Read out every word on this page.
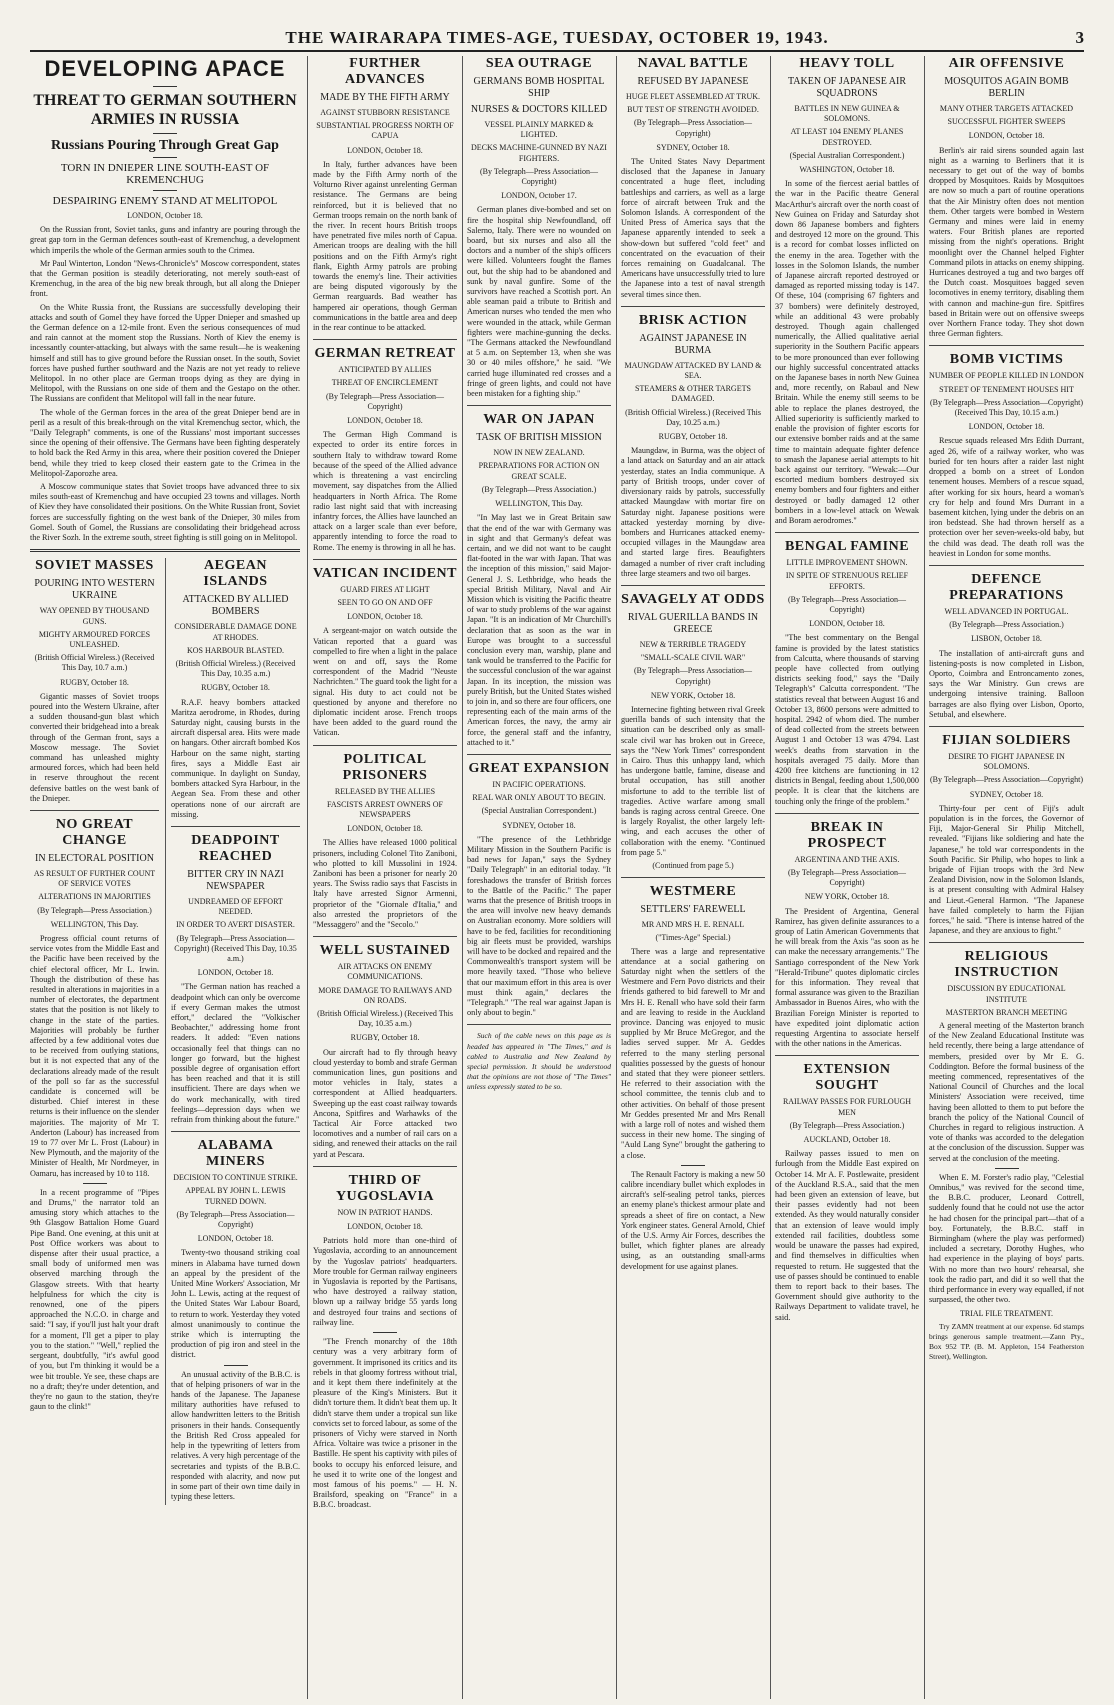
THE WAIRARAPA TIMES-AGE, TUESDAY, OCTOBER 19, 1943.	3
DEVELOPING APACE
THREAT TO GERMAN SOUTHERN ARMIES IN RUSSIA
Russians Pouring Through Great Gap
TORN IN DNIEPER LINE SOUTH-EAST OF KREMENCHUG
DESPAIRING ENEMY STAND AT MELITOPOL
LONDON, October 18.

On the Russian front, Soviet tanks, guns and infantry are pouring through the great gap torn in the German defences south-east of Kremenchug, a development which imperils the whole of the German armies south to the Crimea.

Mr Paul Winterton, London "News-Chronicle's" Moscow correspondent, states that the German position is steadily deteriorating, not merely south-east of Kremenchug, in the area of the big new break through, but all along the Dnieper front.

On the White Russia front, the Russians are successfully developing their attacks and south of Gomel they have forced the Upper Dnieper and smashed up the German defence on a 12-mile front. Even the serious consequences of mud and rain cannot at the moment stop the Russians. North of Kiev the enemy is incessantly counter-attacking, but always with the same result—he is weakening himself and still has to give ground before the Russian onset. In the south, Soviet forces have pushed further southward and the Nazis are not yet ready to relieve Melitopol. In no other place are German troops dying as they are dying in Melitopol, with the Russians on one side of them and the Gestapo on the other. The Russians are confident that Melitopol will fall in the near future.

The whole of the German forces in the area of the great Dnieper bend are in peril as a result of this break-through on the vital Kremenchug sector, which, the "Daily Telegraph" comments, is one of the Russians' most important successes since the opening of their offensive. The Germans have been fighting desperately to hold back the Red Army in this area, where their position covered the Dnieper bend, while they tried to keep closed their eastern gate to the Crimea in the Melitopol-Zaporozhe area.

A Moscow communique states that Soviet troops have advanced three to six miles south-east of Kremenchug and have occupied 23 towns and villages. North of Kiev they have consolidated their positions. On the White Russian front, Soviet forces are successfully fighting on the west bank of the Dnieper, 30 miles from Gomel. South of Gomel, the Russians are consolidating their bridgehead across the River Sozh. In the extreme south, street fighting is still going on in Melitopol.

SOVIET MASSES
POURING INTO WESTERN UKRAINE
WAY OPENED BY THOUSAND GUNS.
MIGHTY ARMOURED FORCES UNLEASHED.
(British Official Wireless.) (Received This Day, 10.7 a.m.)
RUGBY, October 18.

Gigantic masses of Soviet troops poured into the Western Ukraine, after a sudden thousand-gun blast which converted their bridgehead into a break through of the German front, says a Moscow message. The Soviet command has unleashed mighty armoured forces, which had been held in reserve throughout the recent defensive battles on the west bank of the Dnieper.

NO GREAT CHANGE
IN ELECTORAL POSITION
AS RESULT OF FURTHER COUNT OF SERVICE VOTES
ALTERATIONS IN MAJORITIES
(By Telegraph—Press Association.)
WELLINGTON, This Day.

Progress official count returns of service votes from the Middle East and the Pacific have been received by the chief electoral officer, Mr L. Irwin. Though the distribution of these has resulted in alterations in majorities in a number of electorates, the department states that the position is not likely to change in the state of the parties. Majorities will probably be further affected by a few additional votes due to be received from outlying stations, but it is not expected that any of the declarations already made of the result of the poll so far as the successful candidate is concerned will be disturbed. Chief interest in these returns is their influence on the slender majorities. The majority of Mr T. Anderton (Labour) has increased from 19 to 77 over Mr L. Frost (Labour) in New Plymouth, and the majority of the Minister of Health, Mr Nordmeyer, in Oamaru, has increased by 10 to 118.

In a recent programme of "Pipes and Drums," the narrator told an amusing story which attaches to the 9th Glasgow Battalion Home Guard Pipe Band. One evening, at this unit at Post Office workers was about to dispense after their usual practice, a small body of uniformed men was observed marching through the Glasgow streets. With that hearty helpfulness for which the city is renowned, one of the pipers approached the N.C.O. in charge and said: "I say, if you'll just halt your draft for a moment, I'll get a piper to play you to the station." "Well," replied the sergeant, doubtfully, "it's awful good of you, but I'm thinking it would be a wee bit trouble. Ye see, these chaps are no a draft; they're under detention, and they're no gaun to the station, they're gaun to the clink!"

AEGEAN ISLANDS
ATTACKED BY ALLIED BOMBERS
CONSIDERABLE DAMAGE DONE AT RHODES.
KOS HARBOUR BLASTED.
(British Official Wireless.) (Received This Day, 10.35 a.m.)
RUGBY, October 18.

R.A.F. heavy bombers attacked Maritza aerodrome, in Rhodes, during Saturday night, causing bursts in the aircraft dispersal area. Hits were made on hangars. Other aircraft bombed Kos Harbour on the same night, starting fires, says a Middle East air communique. In daylight on Sunday, bombers attacked Syra Harbour, in the Aegean Sea. From these and other operations none of our aircraft are missing.

DEADPOINT REACHED
BITTER CRY IN NAZI NEWSPAPER
UNDREAMED OF EFFORT NEEDED.
IN ORDER TO AVERT DISASTER.
(By Telegraph—Press Association—Copyright) (Received This Day, 10.35 a.m.)
LONDON, October 18.

"The German nation has reached a deadpoint which can only be overcome if every German makes the utmost effort," declared the "Volkischer Beobachter," addressing home front readers. It added: "Even nations occasionally feel that things can no longer go forward, but the highest possible degree of organisation effort has been reached and that it is still insufficient. There are days when we do work mechanically, with tired feelings—depression days when we refrain from thinking about the future."

ALABAMA MINERS
DECISION TO CONTINUE STRIKE.
APPEAL BY JOHN L. LEWIS TURNED DOWN.
(By Telegraph—Press Association—Copyright)
LONDON, October 18.

Twenty-two thousand striking coal miners in Alabama have turned down an appeal by the president of the United Mine Workers' Association, Mr John L. Lewis, acting at the request of the United States War Labour Board, to return to work. Yesterday they voted almost unanimously to continue the strike which is interrupting the production of pig iron and steel in the district.

An unusual activity of the B.B.C. is that of helping prisoners of war in the hands of the Japanese. The Japanese military authorities have refused to allow handwritten letters to the British prisoners in their hands. Consequently the British Red Cross appealed for help in the typewriting of letters from relatives. A very high percentage of the secretaries and typists of the B.B.C. responded with alacrity, and now put in some part of their own time daily in typing these letters.

FURTHER ADVANCES
MADE BY THE FIFTH ARMY
AGAINST STUBBORN RESISTANCE
SUBSTANTIAL PROGRESS NORTH OF CAPUA
LONDON, October 18.

In Italy, further advances have been made by the Fifth Army north of the Volturno River against unrelenting German resistance. The Germans are being reinforced, but it is believed that no German troops remain on the north bank of the river. In recent hours British troops have penetrated five miles north of Capua. American troops are dealing with the hill positions and on the Fifth Army's right flank, Eighth Army patrols are probing towards the enemy's line. Their activities are being disputed vigorously by the German rearguards. Bad weather has hampered air operations, though German communications in the battle area and deep in the rear continue to be attacked.

GERMAN RETREAT
ANTICIPATED BY ALLIES
THREAT OF ENCIRCLEMENT
(By Telegraph—Press Association—Copyright)
LONDON, October 18.

The German High Command is expected to order its entire forces in southern Italy to withdraw toward Rome because of the speed of the Allied advance which is threatening a vast encircling movement, say dispatches from the Allied headquarters in North Africa. The Rome radio last night said that with increasing infantry forces, the Allies have launched an attack on a larger scale than ever before, apparently intending to force the road to Rome. The enemy is throwing in all he has.

VATICAN INCIDENT
GUARD FIRES AT LIGHT
SEEN TO GO ON AND OFF
LONDON, October 18.

A sergeant-major on watch outside the Vatican reported that a guard was compelled to fire when a light in the palace went on and off, says the Rome correspondent of the Madrid "Neuste Nachrichten." The guard took the light for a signal. His duty to act could not be questioned by anyone and therefore no diplomatic incident arose. French troops have been added to the guard round the Vatican.

POLITICAL PRISONERS
RELEASED BY THE ALLIES
FASCISTS ARREST OWNERS OF NEWSPAPERS
LONDON, October 18.

The Allies have released 1000 political prisoners, including Colonel Tito Zaniboni, who plotted to kill Mussolini in 1924. Zaniboni has been a prisoner for nearly 20 years. The Swiss radio says that Fascists in Italy have arrested Signor Armenni, proprietor of the "Giornale d'Italia," and also arrested the proprietors of the "Messaggero" and the "Secolo."

WELL SUSTAINED
AIR ATTACKS ON ENEMY COMMUNICATIONS.
MORE DAMAGE TO RAILWAYS AND ON ROADS.
(British Official Wireless.) (Received This Day, 10.35 a.m.)
RUGBY, October 18.

Our aircraft had to fly through heavy cloud yesterday to bomb and strafe German communication lines, gun positions and motor vehicles in Italy, states a correspondent at Allied headquarters. Sweeping up the east coast railway towards Ancona, Spitfires and Warhawks of the Tactical Air Force attacked two locomotives and a number of rail cars on a siding, and renewed their attacks on the rail yard at Pescara.

THIRD OF YUGOSLAVIA
NOW IN PATRIOT HANDS.
LONDON, October 18.

Patriots hold more than one-third of Yugoslavia, according to an announcement by the Yugoslav patriots' headquarters. More trouble for German railway engineers in Yugoslavia is reported by the Partisans, who have destroyed a railway station, blown up a railway bridge 55 yards long and destroyed four trains and sections of railway line.

"The French monarchy of the 18th century was a very arbitrary form of government. It imprisoned its critics and its rebels in that gloomy fortress without trial, and it kept them there indefinitely at the pleasure of the King's Ministers. But it didn't torture them. It didn't beat them up. It didn't starve them under a tropical sun like convicts set to forced labour, as some of the prisoners of Vichy were starved in North Africa. Voltaire was twice a prisoner in the Bastille. He spent his captivity with piles of books to occupy his enforced leisure, and he used it to write one of the longest and most famous of his poems." — H. N. Brailsford, speaking on "France" in a B.B.C. broadcast.

SEA OUTRAGE
GERMANS BOMB HOSPITAL SHIP
NURSES & DOCTORS KILLED
VESSEL PLAINLY MARKED & LIGHTED.
DECKS MACHINE-GUNNED BY NAZI FIGHTERS.
(By Telegraph—Press Association—Copyright)
LONDON, October 17.

German planes dive-bombed and set on fire the hospital ship Newfoundland, off Salerno, Italy. There were no wounded on board, but six nurses and also all the doctors and a number of the ship's officers were killed. Volunteers fought the flames out, but the ship had to be abandoned and sunk by naval gunfire. Some of the survivors have reached a Scottish port. An able seaman paid a tribute to British and American nurses who tended the men who were wounded in the attack, while German fighters were machine-gunning the decks. "The Germans attacked the Newfoundland at 5 a.m. on September 13, when she was 30 or 40 miles offshore," he said. "We carried huge illuminated red crosses and a fringe of green lights, and could not have been mistaken for a fighting ship."

WAR ON JAPAN
TASK OF BRITISH MISSION
NOW IN NEW ZEALAND.
PREPARATIONS FOR ACTION ON GREAT SCALE.
(By Telegraph—Press Association.)
WELLINGTON, This Day.

"In May last we in Great Britain saw that the end of the war with Germany was in sight and that Germany's defeat was certain, and we did not want to be caught flat-footed in the war with Japan. That was the inception of this mission," said Major-General J. S. Lethbridge, who heads the special British Military, Naval and Air Mission which is visiting the Pacific theatre of war to study problems of the war against Japan. "It is an indication of Mr Churchill's declaration that as soon as the war in Europe was brought to a successful conclusion every man, warship, plane and tank would be transferred to the Pacific for the successful conclusion of the war against Japan. In its inception, the mission was purely British, but the United States wished to join in, and so there are four officers, one representing each of the main arms of the American forces, the navy, the army air force, the general staff and the infantry, attached to it."

GREAT EXPANSION
IN PACIFIC OPERATIONS.
REAL WAR ONLY ABOUT TO BEGIN.
(Special Australian Correspondent.)
SYDNEY, October 18.

"The presence of the Lethbridge Military Mission in the Southern Pacific is bad news for Japan," says the Sydney "Daily Telegraph" in an editorial today. "It foreshadows the transfer of British forces to the Battle of the Pacific." The paper warns that the presence of British troops in the area will involve new heavy demands on Australian economy. More soldiers will have to be fed, facilities for reconditioning big air fleets must be provided, warships will have to be docked and repaired and the Commonwealth's transport system will be more heavily taxed. "Those who believe that our maximum effort in this area is over must think again," declares the "Telegraph." "The real war against Japan is only about to begin."

Such of the cable news on this page as is headed has appeared in "The Times," and is cabled to Australia and New Zealand by special permission. It should be understood that the opinions are not those of "The Times" unless expressly stated to be so.

NAVAL BATTLE
REFUSED BY JAPANESE
HUGE FLEET ASSEMBLED AT TRUK.
BUT TEST OF STRENGTH AVOIDED.
(By Telegraph—Press Association—Copyright)
SYDNEY, October 18.

The United States Navy Department disclosed that the Japanese in January concentrated a huge fleet, including battleships and carriers, as well as a large force of aircraft between Truk and the Solomon Islands. A correspondent of the United Press of America says that the Japanese apparently intended to seek a show-down but suffered "cold feet" and concentrated on the evacuation of their forces remaining on Guadalcanal. The Americans have unsuccessfully tried to lure the Japanese into a test of naval strength several times since then.

BRISK ACTION
AGAINST JAPANESE IN BURMA
MAUNGDAW ATTACKED BY LAND & SEA.
STEAMERS & OTHER TARGETS DAMAGED.
(British Official Wireless.) (Received This Day, 10.25 a.m.)
RUGBY, October 18.

Maungdaw, in Burma, was the object of a land attack on Saturday and an air attack yesterday, states an India communique. A party of British troops, under cover of diversionary raids by patrols, successfully attacked Maungdaw with mortar fire on Saturday night. Japanese positions were attacked yesterday morning by dive-bombers and Hurricanes attacked enemy-occupied villages in the Maungdaw area and started large fires. Beaufighters damaged a number of river craft including three large steamers and two oil barges.

SAVAGELY AT ODDS
RIVAL GUERILLA BANDS IN GREECE
NEW & TERRIBLE TRAGEDY
"SMALL-SCALE CIVIL WAR"
(By Telegraph—Press Association—Copyright)
NEW YORK, October 18.

Internecine fighting between rival Greek guerilla bands of such intensity that the situation can be described only as small-scale civil war has broken out in Greece, says the "New York Times" correspondent in Cairo. Thus this unhappy land, which has undergone battle, famine, disease and brutal occupation, has still another misfortune to add to the terrible list of tragedies. Active warfare among small bands is raging across central Greece. One is largely Royalist, the other largely left-wing, and each accuses the other of collaboration with the enemy. "Continued from page 5."

(Continued from page 5.)
WESTMERE
SETTLERS' FAREWELL
MR AND MRS H. E. RENALL
("Times-Age" Special.)

There was a large and representative attendance at a social gathering on Saturday night when the settlers of the Westmere and Fern Povo districts and their friends gathered to bid farewell to Mr and Mrs H. E. Renall who have sold their farm and are leaving to reside in the Auckland province. Dancing was enjoyed to music supplied by Mr Bruce McGregor, and the ladies served supper. Mr A. Geddes referred to the many sterling personal qualities possessed by the guests of honour and stated that they were pioneer settlers. He referred to their association with the school committee, the tennis club and to other activities. On behalf of those present Mr Geddes presented Mr and Mrs Renall with a large roll of notes and wished them success in their new home. The singing of "Auld Lang Syne" brought the gathering to a close.

The Renault Factory is making a new 50 calibre incendiary bullet which explodes in aircraft's self-sealing petrol tanks, pierces an enemy plane's thickest armour plate and spreads a sheet of fire on contact, a New York engineer states. General Arnold, Chief of the U.S. Army Air Forces, describes the bullet, which fighter planes are already using, as an outstanding small-arms development for use against planes.

HEAVY TOLL
TAKEN OF JAPANESE AIR SQUADRONS
BATTLES IN NEW GUINEA & SOLOMONS.
AT LEAST 104 ENEMY PLANES DESTROYED.
(Special Australian Correspondent.)
WASHINGTON, October 18.

In some of the fiercest aerial battles of the war in the Pacific theatre General MacArthur's aircraft over the north coast of New Guinea on Friday and Saturday shot down 86 Japanese bombers and fighters and destroyed 12 more on the ground. This is a record for combat losses inflicted on the enemy in the area. Together with the losses in the Solomon Islands, the number of Japanese aircraft reported destroyed or damaged as reported missing today is 147. Of these, 104 (comprising 67 fighters and 37 bombers) were definitely destroyed, while an additional 43 were probably destroyed. Though again challenged numerically, the Allied qualitative aerial superiority in the Southern Pacific appears to be more pronounced than ever following our highly successful concentrated attacks on the Japanese bases in north New Guinea and, more recently, on Rabaul and New Britain. While the enemy still seems to be able to replace the planes destroyed, the Allied superiority is sufficiently marked to enable the provision of fighter escorts for our extensive bomber raids and at the same time to maintain adequate fighter defence to smash the Japanese aerial attempts to hit back against our territory. "Wewak:—Our escorted medium bombers destroyed six enemy bombers and four fighters and either destroyed or badly damaged 12 other bombers in a low-level attack on Wewak and Boram aerodromes."

BENGAL FAMINE
LITTLE IMPROVEMENT SHOWN.
IN SPITE OF STRENUOUS RELIEF EFFORTS.
(By Telegraph—Press Association—Copyright)
LONDON, October 18.

"The best commentary on the Bengal famine is provided by the latest statistics from Calcutta, where thousands of starving people have collected from outlying districts seeking food," says the "Daily Telegraph's" Calcutta correspondent. "The statistics reveal that between August 16 and October 13, 8600 persons were admitted to hospital. 2942 of whom died. The number of dead collected from the streets between August 1 and October 13 was 4794. Last week's deaths from starvation in the hospitals averaged 75 daily. More than 4200 free kitchens are functioning in 12 districts in Bengal, feeding about 1,500,000 people. It is clear that the kitchens are touching only the fringe of the problem."

BREAK IN PROSPECT
ARGENTINA AND THE AXIS.
(By Telegraph—Press Association—Copyright)
NEW YORK, October 18.

The President of Argentina, General Ramirez, has given definite assurances to a group of Latin American Governments that he will break from the Axis "as soon as he can make the necessary arrangements." The Santiago correspondent of the New York "Herald-Tribune" quotes diplomatic circles for this information. They reveal that formal assurance was given to the Brazilian Ambassador in Buenos Aires, who with the Brazilian Foreign Minister is reported to have expedited joint diplomatic action requesting Argentina to associate herself with the other nations in the Americas.

EXTENSION SOUGHT
RAILWAY PASSES FOR FURLOUGH MEN
(By Telegraph—Press Association.)
AUCKLAND, October 18.

Railway passes issued to men on furlough from the Middle East expired on October 14. Mr A. F. Postlewaite, president of the Auckland R.S.A., said that the men had been given an extension of leave, but their passes evidently had not been extended. As they would naturally consider that an extension of leave would imply extended rail facilities, doubtless some would be unaware the passes had expired, and find themselves in difficulties when requested to return. He suggested that the use of passes should be continued to enable them to report back to their bases. The Government should give authority to the Railways Department to validate travel, he said.

AIR OFFENSIVE
MOSQUITOS AGAIN BOMB BERLIN
MANY OTHER TARGETS ATTACKED
SUCCESSFUL FIGHTER SWEEPS
LONDON, October 18.

Berlin's air raid sirens sounded again last night as a warning to Berliners that it is necessary to get out of the way of bombs dropped by Mosquitoes. Raids by Mosquitoes are now so much a part of routine operations that the Air Ministry often does not mention them. Other targets were bombed in Western Germany and mines were laid in enemy waters. Four British planes are reported missing from the night's operations. Bright moonlight over the Channel helped Fighter Command pilots in attacks on enemy shipping. Hurricanes destroyed a tug and two barges off the Dutch coast. Mosquitoes bagged seven locomotives in enemy territory, disabling them with cannon and machine-gun fire. Spitfires based in Britain were out on offensive sweeps over Northern France today. They shot down three German fighters.

BOMB VICTIMS
NUMBER OF PEOPLE KILLED IN LONDON
STREET OF TENEMENT HOUSES HIT
(By Telegraph—Press Association—Copyright) (Received This Day, 10.15 a.m.)
LONDON, October 18.

Rescue squads released Mrs Edith Durrant, aged 26, wife of a railway worker, who was buried for ten hours after a raider last night dropped a bomb on a street of London tenement houses. Members of a rescue squad, after working for six hours, heard a woman's cry for help and found Mrs Durrant in a basement kitchen, lying under the debris on an iron bedstead. She had thrown herself as a protection over her seven-weeks-old baby, but the child was dead. The death roll was the heaviest in London for some months.

DEFENCE PREPARATIONS
WELL ADVANCED IN PORTUGAL.
(By Telegraph—Press Association.)
LISBON, October 18.

The installation of anti-aircraft guns and listening-posts is now completed in Lisbon, Oporto, Coimbra and Entroncamento zones, says the War Ministry. Gun crews are undergoing intensive training. Balloon barrages are also flying over Lisbon, Oporto, Setubal, and elsewhere.

FIJIAN SOLDIERS
DESIRE TO FIGHT JAPANESE IN SOLOMONS.
(By Telegraph—Press Association—Copyright)
SYDNEY, October 18.

Thirty-four per cent of Fiji's adult population is in the forces, the Governor of Fiji, Major-General Sir Philip Mitchell, revealed. "Fijians like soldiering and hate the Japanese," he told war correspondents in the South Pacific. Sir Philip, who hopes to link a brigade of Fijian troops with the 3rd New Zealand Division, now in the Solomon Islands, is at present consulting with Admiral Halsey and Lieut.-General Harmon. "The Japanese have failed completely to harm the Fijian forces," he said. "There is intense hatred of the Japanese, and they are anxious to fight."

RELIGIOUS INSTRUCTION
DISCUSSION BY EDUCATIONAL INSTITUTE
MASTERTON BRANCH MEETING

A general meeting of the Masterton branch of the New Zealand Educational Institute was held recently, there being a large attendance of members, presided over by Mr E. G. Coddington. Before the formal business of the meeting commenced, representatives of the National Council of Churches and the local Ministers' Association were received, time having been allotted to them to put before the branch the policy of the National Council of Churches in regard to religious instruction. A vote of thanks was accorded to the delegation at the conclusion of the discussion. Supper was served at the conclusion of the meeting.

When E. M. Forster's radio play, "Celestial Omnibus," was revived for the second time, the B.B.C. producer, Leonard Cottrell, suddenly found that he could not use the actor he had chosen for the principal part—that of a boy. Fortunately, the B.B.C. staff in Birmingham (where the play was performed) included a secretary, Dorothy Hughes, who had experience in the playing of boys' parts. With no more than two hours' rehearsal, she took the radio part, and did it so well that the third performance in every way equalled, if not surpassed, the other two.

TRIAL FILE TREATMENT.

Try ZAMN treatment at our expense. 6d stamps brings generous sample treatment.—Zann Pty., Box 952 TP. (B. M. Appleton, 154 Featherston Street), Wellington.
